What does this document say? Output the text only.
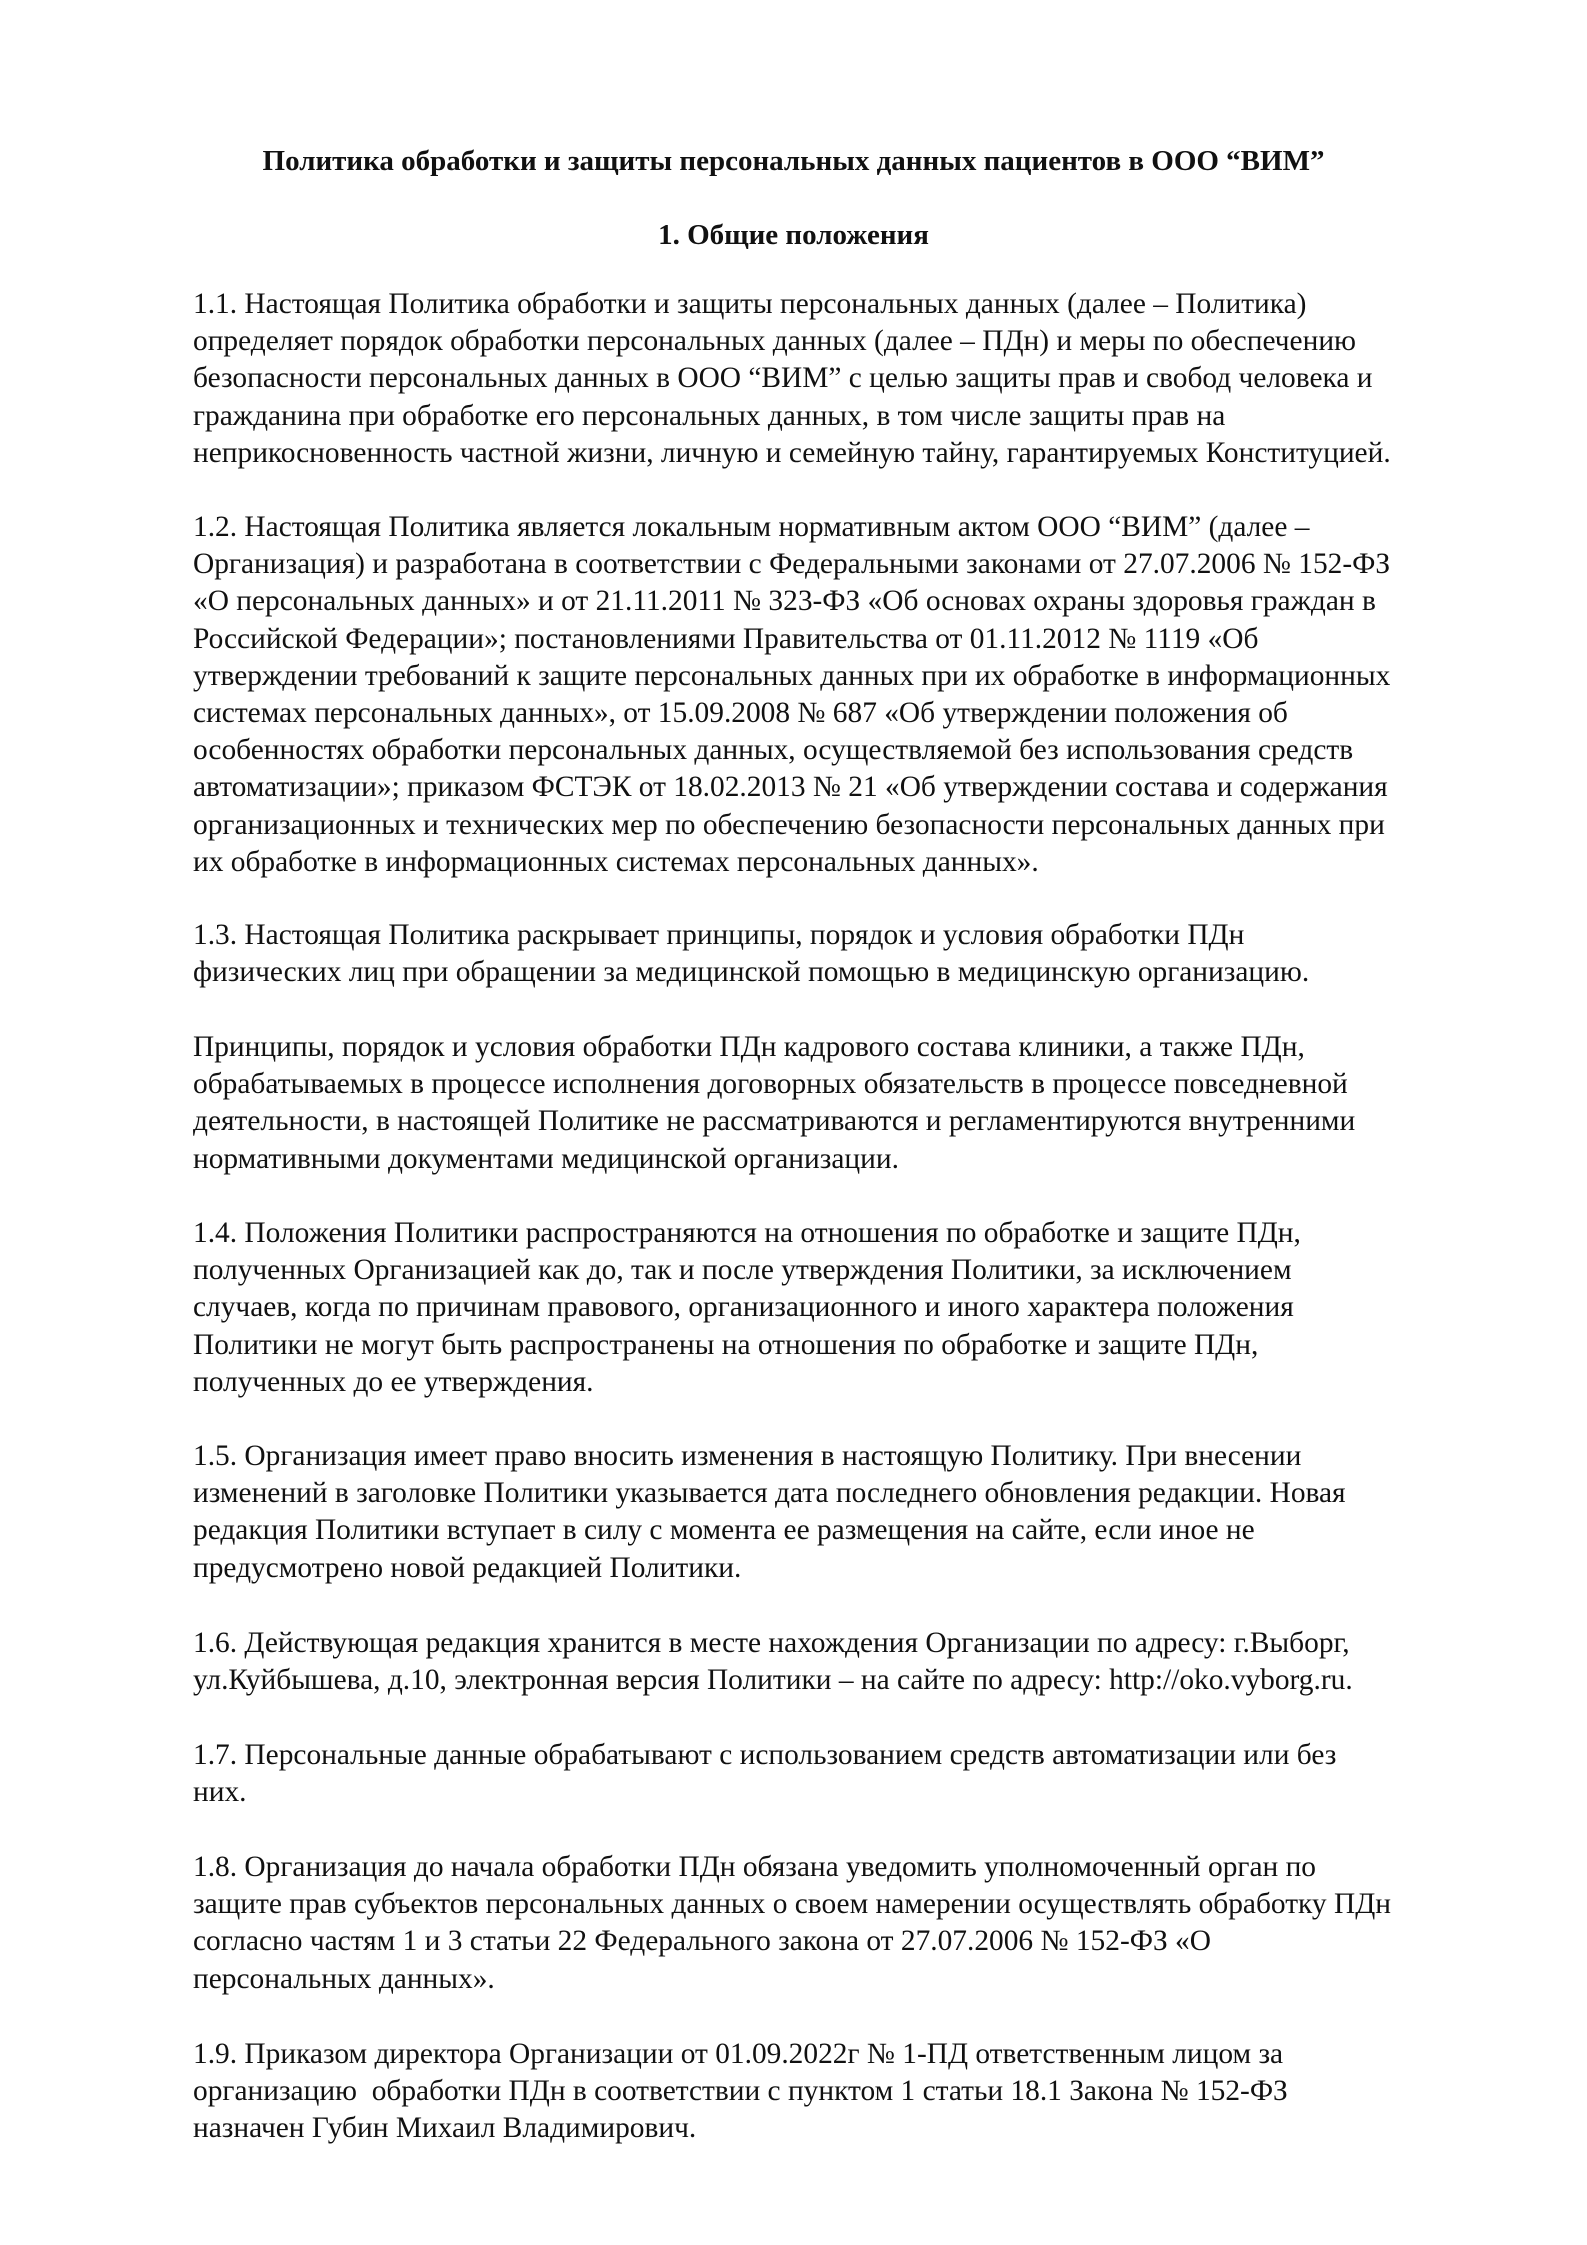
Политика обработки и защиты персональных данных пациентов в ООО “ВИМ”
1. Общие положения

1.1. Настоящая Политика обработки и защиты персональных данных (далее – Политика)
определяет порядок обработки персональных данных (далее – ПДн) и меры по обеспечению
безопасности персональных данных в ООО “ВИМ” с целью защиты прав и свобод человека и
гражданина при обработке его персональных данных, в том числе защиты прав на
неприкосновенность частной жизни, личную и семейную тайну, гарантируемых Конституцией.

1.2. Настоящая Политика является локальным нормативным актом ООО “ВИМ” (далее –
Организация) и разработана в соответствии с Федеральными законами от 27.07.2006 № 152-ФЗ
«О персональных данных» и от 21.11.2011 № 323-ФЗ «Об основах охраны здоровья граждан в
Российской Федерации»; постановлениями Правительства от 01.11.2012 № 1119 «Об
утверждении требований к защите персональных данных при их обработке в информационных
системах персональных данных», от 15.09.2008 № 687 «Об утверждении положения об
особенностях обработки персональных данных, осуществляемой без использования средств
автоматизации»; приказом ФСТЭК от 18.02.2013 № 21 «Об утверждении состава и содержания
организационных и технических мер по обеспечению безопасности персональных данных при
их обработке в информационных системах персональных данных».

1.3. Настоящая Политика раскрывает принципы, порядок и условия обработки ПДн
физических лиц при обращении за медицинской помощью в медицинскую организацию.

Принципы, порядок и условия обработки ПДн кадрового состава клиники, а также ПДн,
обрабатываемых в процессе исполнения договорных обязательств в процессе повседневной
деятельности, в настоящей Политике не рассматриваются и регламентируются внутренними
нормативными документами медицинской организации.

1.4. Положения Политики распространяются на отношения по обработке и защите ПДн,
полученных Организацией как до, так и после утверждения Политики, за исключением
случаев, когда по причинам правового, организационного и иного характера положения
Политики не могут быть распространены на отношения по обработке и защите ПДн,
полученных до ее утверждения.

1.5. Организация имеет право вносить изменения в настоящую Политику. При внесении
изменений в заголовке Политики указывается дата последнего обновления редакции. Новая
редакция Политики вступает в силу с момента ее размещения на сайте, если иное не
предусмотрено новой редакцией Политики.

1.6. Действующая редакция хранится в месте нахождения Организации по адресу: г.Выборг,
ул.Куйбышева, д.10, электронная версия Политики – на сайте по адресу: http://oko.vyborg.ru.

1.7. Персональные данные обрабатывают с использованием средств автоматизации или без
них.

1.8. Организация до начала обработки ПДн обязана уведомить уполномоченный орган по
защите прав субъектов персональных данных о своем намерении осуществлять обработку ПДн
согласно частям 1 и 3 статьи 22 Федерального закона от 27.07.2006 № 152-ФЗ «О
персональных данных».

1.9. Приказом директора Организации от 01.09.2022г № 1-ПД ответственным лицом за
организацию  обработки ПДн в соответствии с пунктом 1 статьи 18.1 Закона № 152-ФЗ
назначен Губин Михаил Владимирович.
